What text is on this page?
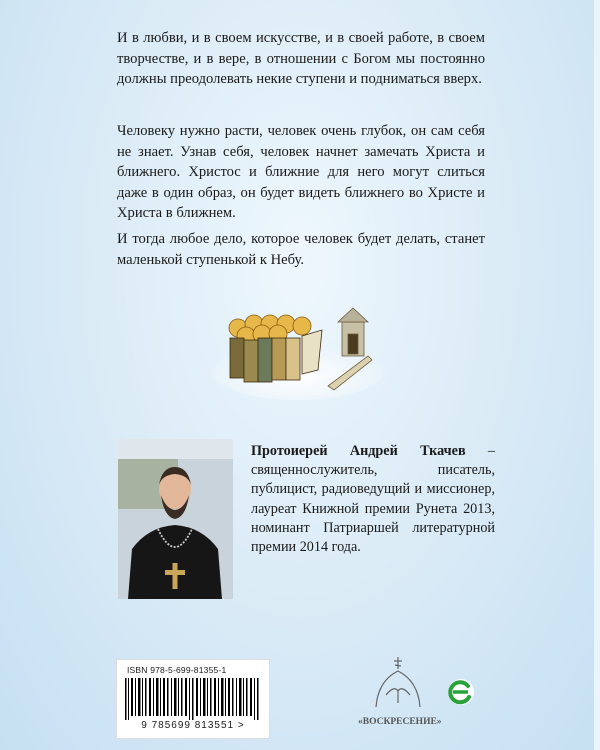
И в любви, и в своем искусстве, и в своей работе, в своем творчестве, и в вере, в отношении с Богом мы постоянно должны преодолевать некие ступени и подниматься вверх.

Человеку нужно расти, человек очень глубок, он сам себя не знает. Узнав себя, человек начнет замечать Христа и ближнего. Христос и ближние для него могут слиться даже в один образ, он будет видеть ближнего во Христе и Христа в ближнем.

И тогда любое дело, которое человек будет делать, станет маленькой ступенькой к Небу.

Протоиерей Андрей Ткачев – священнослужитель, писатель, публицист, радиоведущий и миссионер, лауреат Книжной премии Рунета 2013, номинант Патриаршей литературной премии 2014 года.

ISBN 978-5-699-81355-1
9 785699 813551 >	«ВОСКРЕСЕНИЕ»
